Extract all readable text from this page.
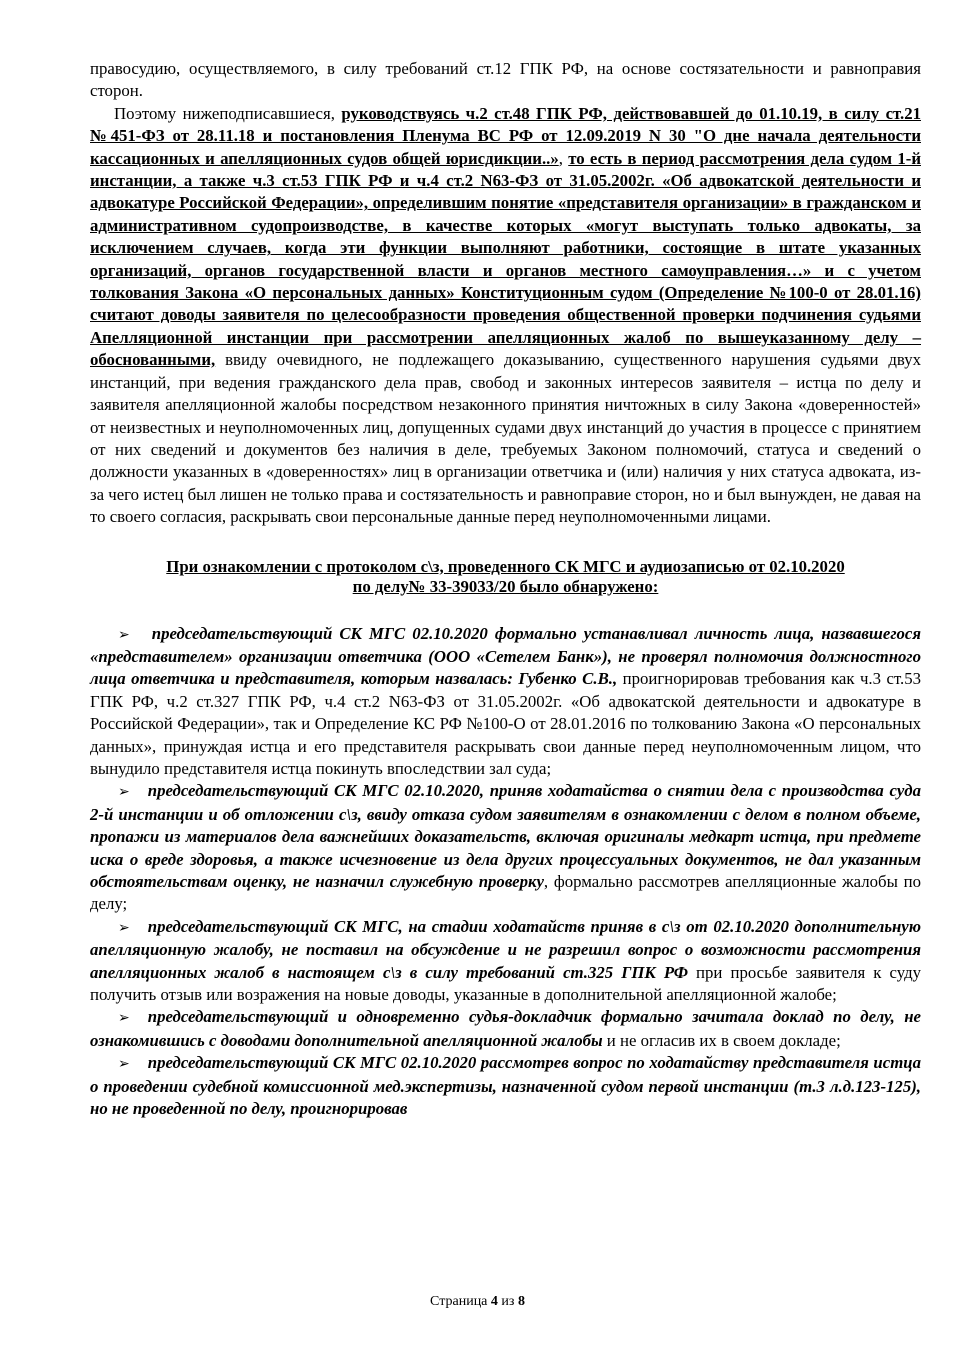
правосудию, осуществляемого, в силу требований ст.12 ГПК РФ, на основе состязательности и равноправия сторон.

Поэтому нижеподписавшиеся, руководствуясь ч.2 ст.48 ГПК РФ, действовавшей до 01.10.19, в силу ст.21 №451-ФЗ от 28.11.18 и постановления Пленума ВС РФ от 12.09.2019 N 30 "О дне начала деятельности кассационных и апелляционных судов общей юрисдикции..», то есть в период рассмотрения дела судом 1-й инстанции, а также ч.3 ст.53 ГПК РФ и ч.4 ст.2 N63-ФЗ от 31.05.2002г. «Об адвокатской деятельности и адвокатуре Российской Федерации», определившим понятие «представителя организации» в гражданском и административном судопроизводстве, в качестве которых «могут выступать только адвокаты, за исключением случаев, когда эти функции выполняют работники, состоящие в штате указанных организаций, органов государственной власти и органов местного самоуправления…» и с учетом толкования Закона «О персональных данных» Конституционным судом (Определение №100-0 от 28.01.16) считают доводы заявителя по целесообразности проведения общественной проверки подчинения судьями Апелляционной инстанции при рассмотрении апелляционных жалоб по вышеуказанному делу – обоснованными, ввиду очевидного, не подлежащего доказыванию, существенного нарушения судьями двух инстанций, при ведения гражданского дела прав, свобод и законных интересов заявителя – истца по делу и заявителя апелляционной жалобы посредством незаконного принятия ничтожных в силу Закона «доверенностей» от неизвестных и неуполномоченных лиц, допущенных судами двух инстанций до участия в процессе с принятием от них сведений и документов без наличия в деле, требуемых Законом полномочий, статуса и сведений о должности указанных в «доверенностях» лиц в организации ответчика и (или) наличия у них статуса адвоката, из-за чего истец был лишен не только права и состязательность и равноправие сторон, но и был вынужден, не давая на то своего согласия, раскрывать свои персональные данные перед неуполномоченными лицами.

При ознакомлении с протоколом с\з, проведенного СК МГС и аудиозаписью от 02.10.2020
по делу№ 33-39033/20 было обнаружено:

➢ председательствующий СК МГС 02.10.2020 формально устанавливал личность лица, назвавшегося «представителем» организации ответчика (ООО «Сетелем Банк»), не проверял полномочия должностного лица ответчика и представителя, которым назвалась: Губенко С.В., проигнорировав требования как ч.3 ст.53 ГПК РФ, ч.2 ст.327 ГПК РФ, ч.4 ст.2 N63-ФЗ от 31.05.2002г. «Об адвокатской деятельности и адвокатуре в Российской Федерации», так и Определение КС РФ №100-О от 28.01.2016 по толкованию Закона «О персональных данных», принуждая истца и его представителя раскрывать свои данные перед неуполномоченным лицом, что вынудило представителя истца покинуть впоследствии зал суда;

➢ председательствующий СК МГС 02.10.2020, приняв ходатайства о снятии дела с производства суда 2-й инстанции и об отложении с\з, ввиду отказа судом заявителям в ознакомлении с делом в полном объеме, пропажи из материалов дела важнейших доказательств, включая оригиналы медкарт истца, при предмете иска о вреде здоровья, а также исчезновение из дела других процессуальных документов, не дал указанным обстоятельствам оценку, не назначил служебную проверку, формально рассмотрев апелляционные жалобы по делу;

➢ председательствующий СК МГС, на стадии ходатайств приняв в с\з от 02.10.2020 дополнительную апелляционную жалобу, не поставил на обсуждение и не разрешил вопрос о возможности рассмотрения апелляционных жалоб в настоящем с\з в силу требований ст.325 ГПК РФ при просьбе заявителя к суду получить отзыв или возражения на новые доводы, указанные в дополнительной апелляционной жалобе;

➢ председательствующий и одновременно судья-докладчик формально зачитала доклад по делу, не ознакомившись с доводами дополнительной апелляционной жалобы и не огласив их в своем докладе;

➢ председательствующий СК МГС 02.10.2020 рассмотрев вопрос по ходатайству представителя истца о проведении судебной комиссионной мед.экспертизы, назначенной судом первой инстанции (т.3 л.д.123-125), но не проведенной по делу, проигнорировав

Страница 4 из 8
